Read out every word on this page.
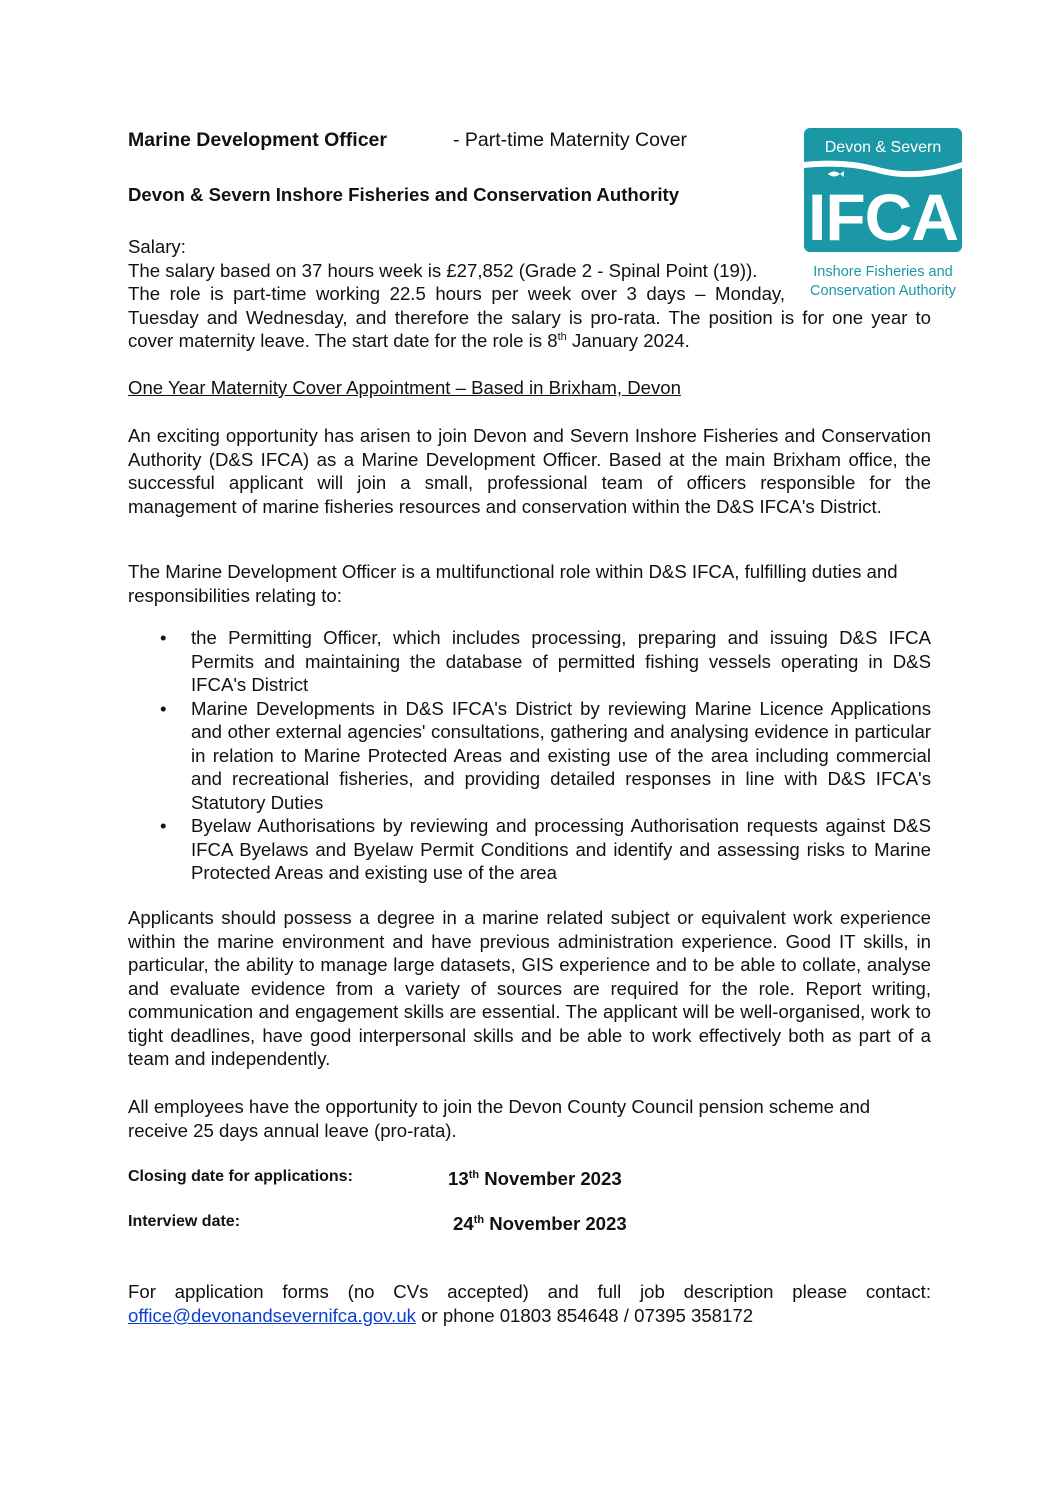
Devon & Severn
IFCA
Inshore Fisheries and
Conservation Authority
Marine Development Officer	- Part-time Maternity Cover
Devon & Severn Inshore Fisheries and Conservation Authority
Salary:
The salary based on 37 hours week is £27,852 (Grade 2 - Spinal Point (19)).
The role is part-time working 22.5 hours per week over 3 days – Monday,
Tuesday and Wednesday, and therefore the salary is pro-rata. The position is for one year to
cover maternity leave. The start date for the role is 8th January 2024.
One Year Maternity Cover Appointment – Based in Brixham, Devon

An exciting opportunity has arisen to join Devon and Severn Inshore Fisheries and Conservation Authority (D&S IFCA) as a Marine Development Officer. Based at the main Brixham office, the successful applicant will join a small, professional team of officers responsible for the management of marine fisheries resources and conservation within the D&S IFCA's District.

The Marine Development Officer is a multifunctional role within D&S IFCA, fulfilling duties and responsibilities relating to:

• the Permitting Officer, which includes processing, preparing and issuing D&S IFCA Permits and maintaining the database of permitted fishing vessels operating in D&S IFCA's District
• Marine Developments in D&S IFCA's District by reviewing Marine Licence Applications and other external agencies' consultations, gathering and analysing evidence in particular in relation to Marine Protected Areas and existing use of the area including commercial and recreational fisheries, and providing detailed responses in line with D&S IFCA's Statutory Duties
• Byelaw Authorisations by reviewing and processing Authorisation requests against D&S IFCA Byelaws and Byelaw Permit Conditions and identify and assessing risks to Marine Protected Areas and existing use of the area

Applicants should possess a degree in a marine related subject or equivalent work experience within the marine environment and have previous administration experience. Good IT skills, in particular, the ability to manage large datasets, GIS experience and to be able to collate, analyse and evaluate evidence from a variety of sources are required for the role. Report writing, communication and engagement skills are essential. The applicant will be well-organised, work to tight deadlines, have good interpersonal skills and be able to work effectively both as part of a team and independently.

All employees have the opportunity to join the Devon County Council pension scheme and receive 25 days annual leave (pro-rata).

Closing date for applications:	13th November 2023
Interview date:	24th November 2023
For application forms (no CVs accepted) and full job description please contact:
office@devonandsevernifca.gov.uk or phone 01803 854648 / 07395 358172
